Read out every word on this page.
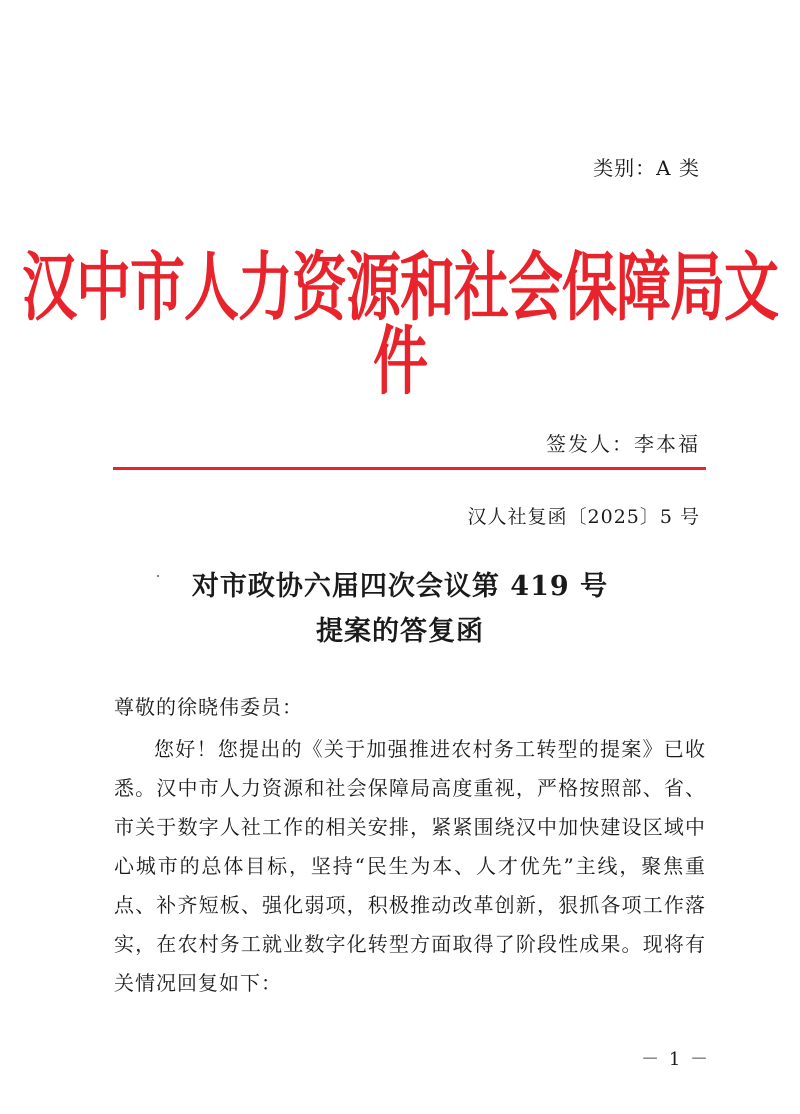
类别：A 类
汉中市人力资源和社会保障局文件
签发人：李本福
汉人社复函〔2025〕5 号
对市政协六届四次会议第 419 号
提案的答复函

尊敬的徐晓伟委员：

您好！您提出的《关于加强推进农村务工转型的提案》已收悉。汉中市人力资源和社会保障局高度重视，严格按照部、省、市关于数字人社工作的相关安排，紧紧围绕汉中加快建设区域中心城市的总体目标，坚持“民生为本、人才优先”主线，聚焦重点、补齐短板、强化弱项，积极推动改革创新，狠抓各项工作落实，在农村务工就业数字化转型方面取得了阶段性成果。现将有关情况回复如下：

－ 1 －
